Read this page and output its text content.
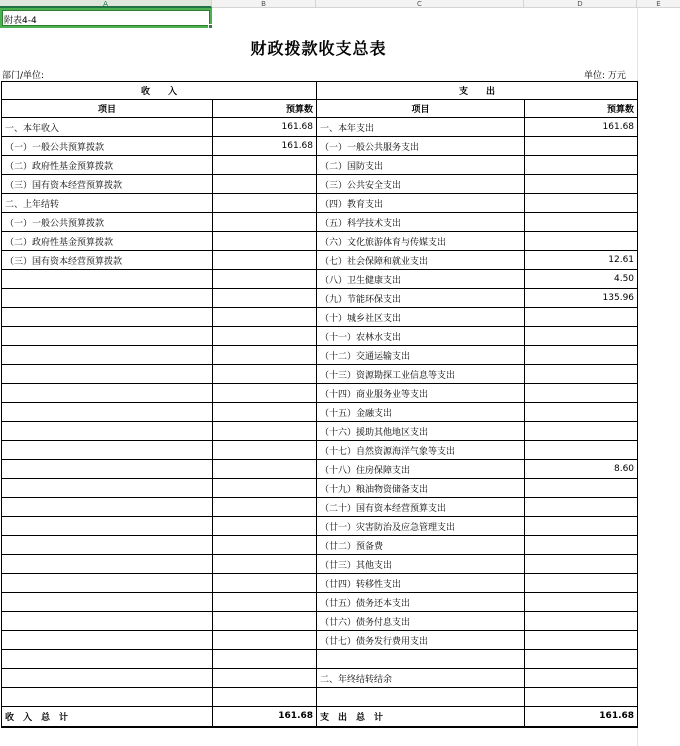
A	B	C	D	E
附表4-4
财政拨款收支总表
部门/单位:	单位: 万元
收　　入		支　　出	
项目	预算数	项目	预算数
一、本年收入	161.68	一、本年支出	161.68
（一）一般公共预算拨款	161.68	（一）一般公共服务支出	
（二）政府性基金预算拨款		（二）国防支出	
（三）国有资本经营预算拨款		（三）公共安全支出	
二、上年结转		（四）教育支出	
（一）一般公共预算拨款		（五）科学技术支出	
（二）政府性基金预算拨款		（六）文化旅游体育与传媒支出	
（三）国有资本经营预算拨款		（七）社会保障和就业支出	12.61
		（八）卫生健康支出	4.50
		（九）节能环保支出	135.96
		（十）城乡社区支出	
		（十一）农林水支出	
		（十二）交通运输支出	
		（十三）资源勘探工业信息等支出	
		（十四）商业服务业等支出	
		（十五）金融支出	
		（十六）援助其他地区支出	
		（十七）自然资源海洋气象等支出	
		（十八）住房保障支出	8.60
		（十九）粮油物资储备支出	
		（二十）国有资本经营预算支出	
		（廿一）灾害防治及应急管理支出	
		（廿二）预备费	
		（廿三）其他支出	
		（廿四）转移性支出	
		（廿五）债务还本支出	
		（廿六）债务付息支出	
		（廿七）债务发行费用支出	

		二、年终结转结余	

收　入　总　计	161.68	支　出　总　计	161.68
